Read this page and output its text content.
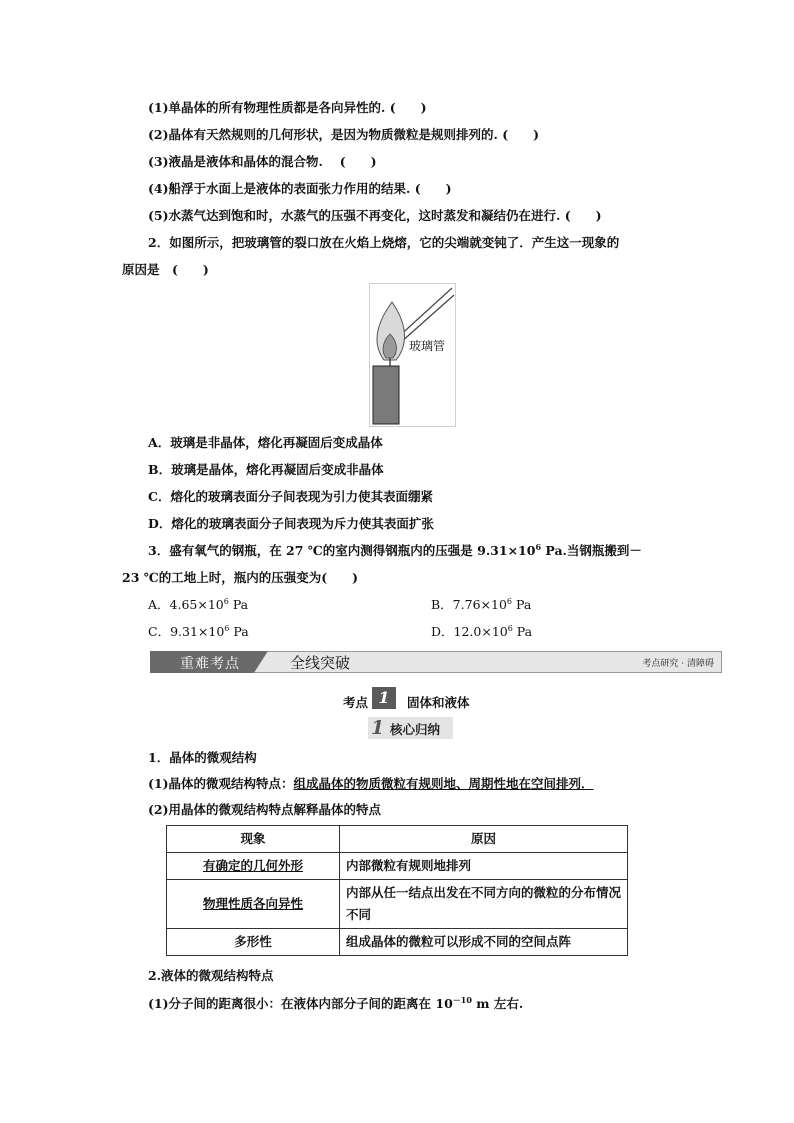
(1)单晶体的所有物理性质都是各向异性的. (　　)
(2)晶体有天然规则的几何形状，是因为物质微粒是规则排列的. (　　)
(3)液晶是液体和晶体的混合物. 　(　　)
(4)船浮于水面上是液体的表面张力作用的结果. (　　)
(5)水蒸气达到饱和时，水蒸气的压强不再变化，这时蒸发和凝结仍在进行. (　　)
2．如图所示，把玻璃管的裂口放在火焰上烧熔，它的尖端就变钝了．产生这一现象的
原因是　(　　)
玻璃管
A．玻璃是非晶体，熔化再凝固后变成晶体
B．玻璃是晶体，熔化再凝固后变成非晶体
C．熔化的玻璃表面分子间表现为引力使其表面绷紧
D．熔化的玻璃表面分子间表现为斥力使其表面扩张
3．盛有氧气的钢瓶，在 27 ℃的室内测得钢瓶内的压强是 $9.31\times 10^6$ Pa.当钢瓶搬到－
23 ℃的工地上时，瓶内的压强变为(　　)
A．$4.65\times 10^6$ Pa	B．$7.76\times 10^6$ Pa
C．$9.31\times 10^6$ Pa	D．$12.0\times 10^6$ Pa
重难考点	全线突破	考点研究 · 清障碍
考点 1	固体和液体
1 核心归纳
1．晶体的微观结构
(1)晶体的微观结构特点：组成晶体的物质微粒有规则地、周期性地在空间排列．
(2)用晶体的微观结构特点解释晶体的特点
现象	原因
有确定的几何外形	内部微粒有规则地排列
物理性质各向异性	内部从任一结点出发在不同方向的微粒的分布情况不同
多形性	组成晶体的微粒可以形成不同的空间点阵
2.液体的微观结构特点
(1)分子间的距离很小：在液体内部分子间的距离在 $10^{-10}$ m 左右.
